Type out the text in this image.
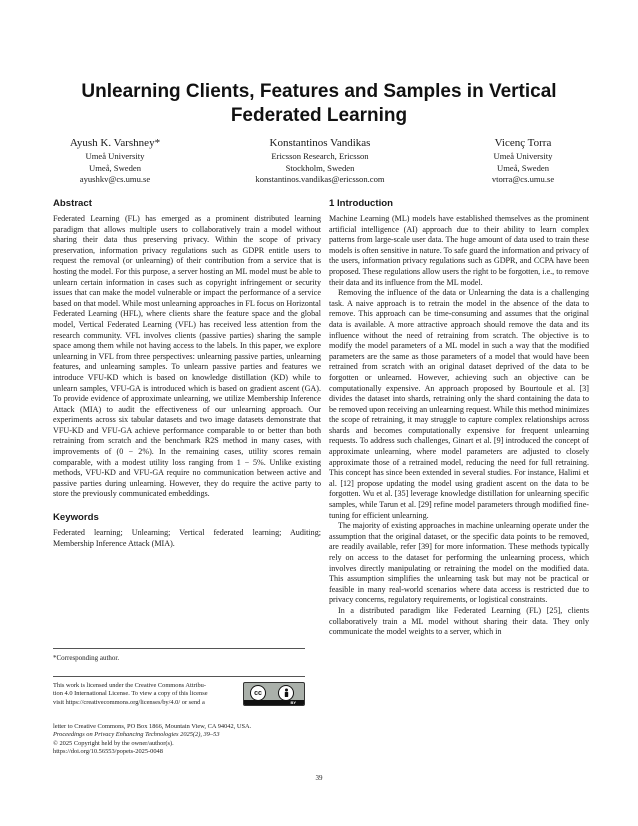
Unlearning Clients, Features and Samples in Vertical Federated Learning
Ayush K. Varshney*
Umeå University
Umeå, Sweden
ayushkv@cs.umu.se
Konstantinos Vandikas
Ericsson Research, Ericsson
Stockholm, Sweden
konstantinos.vandikas@ericsson.com
Vicenç Torra
Umeå University
Umeå, Sweden
vtorra@cs.umu.se
Abstract

Federated Learning (FL) has emerged as a prominent distributed learning paradigm that allows multiple users to collaboratively train a model without sharing their data thus preserving privacy. Within the scope of privacy preservation, information privacy regulations such as GDPR entitle users to request the removal (or unlearning) of their contribution from a service that is hosting the model. For this purpose, a server hosting an ML model must be able to unlearn certain information in cases such as copyright infringement or security issues that can make the model vulnerable or impact the performance of a service based on that model. While most unlearning approaches in FL focus on Horizontal Federated Learning (HFL), where clients share the feature space and the global model, Vertical Federated Learning (VFL) has received less attention from the research community. VFL involves clients (passive parties) sharing the sample space among them while not having access to the labels. In this paper, we explore unlearning in VFL from three perspectives: unlearning passive parties, unlearning features, and unlearning samples. To unlearn passive parties and features we introduce VFU-KD which is based on knowledge distillation (KD) while to unlearn samples, VFU-GA is introduced which is based on gradient ascent (GA). To provide evidence of approximate unlearning, we utilize Membership Inference Attack (MIA) to audit the effectiveness of our unlearning approach. Our experiments across six tabular datasets and two image datasets demonstrate that VFU-KD and VFU-GA achieve performance comparable to or better than both retraining from scratch and the benchmark R2S method in many cases, with improvements of (0 − 2%). In the remaining cases, utility scores remain comparable, with a modest utility loss ranging from 1 − 5%. Unlike existing methods, VFU-KD and VFU-GA require no communication between active and passive parties during unlearning. However, they do require the active party to store the previously communicated embeddings.

Keywords

Federated learning; Unlearning; Vertical federated learning; Auditing; Membership Inference Attack (MIA).

*Corresponding author.
This work is licensed under the Creative Commons Attribu-
tion 4.0 International License. To view a copy of this license
visit https://creativecommons.org/licenses/by/4.0/ or send a
letter to Creative Commons, PO Box 1866, Mountain View, CA 94042, USA.
Proceedings on Privacy Enhancing Technologies 2025(2), 39–53
© 2025 Copyright held by the owner/author(s).
https://doi.org/10.56553/popets-2025-0048
cc
BY
1 Introduction

Machine Learning (ML) models have established themselves as the prominent artificial intelligence (AI) approach due to their ability to learn complex patterns from large-scale user data. The huge amount of data used to train these models is often sensitive in nature. To safe guard the information and privacy of the users, information privacy regulations such as GDPR, and CCPA have been proposed. These regulations allow users the right to be forgotten, i.e., to remove their data and its influence from the ML model.

Removing the influence of the data or Unlearning the data is a challenging task. A naive approach is to retrain the model in the absence of the data to remove. This approach can be time-consuming and assumes that the original data is available. A more attractive approach should remove the data and its influence without the need of retraining from scratch. The objective is to modify the model parameters of a ML model in such a way that the modified parameters are the same as those parameters of a model that would have been retrained from scratch with an original dataset deprived of the data to be forgotten or unlearned. However, achieving such an objective can be computationally expensive. An approach proposed by Bourtoule et al. [3] divides the dataset into shards, retraining only the shard containing the data to be removed upon receiving an unlearning request. While this method minimizes the scope of retraining, it may struggle to capture complex relationships across shards and becomes computationally expensive for frequent unlearning requests. To address such challenges, Ginart et al. [9] introduced the concept of approximate unlearning, where model parameters are adjusted to closely approximate those of a retrained model, reducing the need for full retraining. This concept has since been extended in several studies. For instance, Halimi et al. [12] propose updating the model using gradient ascent on the data to be forgotten. Wu et al. [35] leverage knowledge distillation for unlearning specific samples, while Tarun et al. [29] refine model parameters through modified fine-tuning for efficient unlearning.

The majority of existing approaches in machine unlearning operate under the assumption that the original dataset, or the specific data points to be removed, are readily available, refer [39] for more information. These methods typically rely on access to the dataset for performing the unlearning process, which involves directly manipulating or retraining the model on the modified data. This assumption simplifies the unlearning task but may not be practical or feasible in many real-world scenarios where data access is restricted due to privacy concerns, regulatory requirements, or logistical constraints.

In a distributed paradigm like Federated Learning (FL) [25], clients collaboratively train a ML model without sharing their data. They only communicate the model weights to a server, which in

39
